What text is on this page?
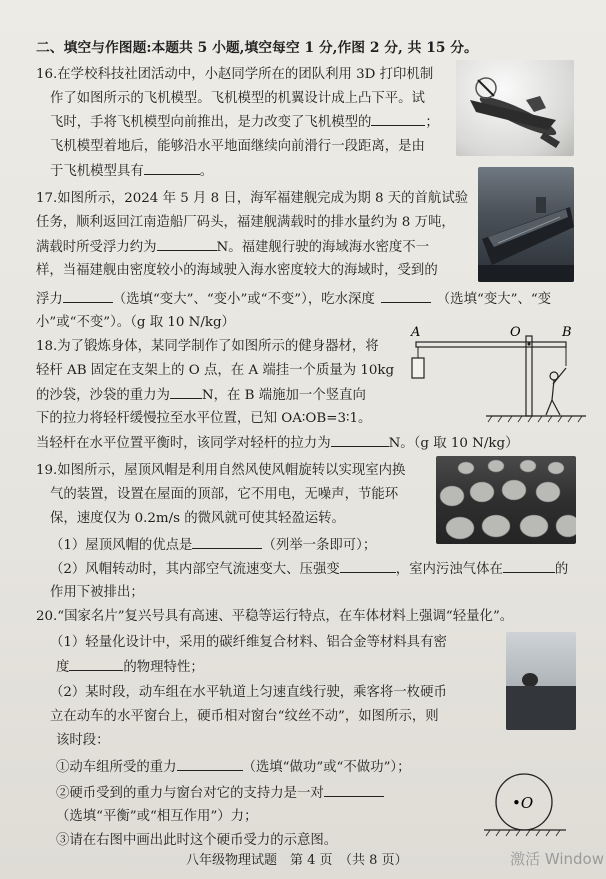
二、填空与作图题:本题共 5 小题,填空每空 1 分,作图 2 分, 共 15 分。
16.在学校科技社团活动中，小赵同学所在的团队利用 3D 打印机制
作了如图所示的飞机模型。飞机模型的机翼设计成上凸下平。试
飞时，手将飞机模型向前推出，是力改变了飞机模型的	；
飞机模型着地后，能够沿水平地面继续向前滑行一段距离，是由
于飞机模型具有	。
17.如图所示，2024 年 5 月 8 日，海军福建舰完成为期 8 天的首航试验
任务，顺利返回江南造船厂码头，福建舰满载时的排水量约为 8 万吨，
满载时所受浮力约为	N。福建舰行驶的海域海水密度不一
样，当福建舰由密度较小的海域驶入海水密度较大的海域时，受到的
浮力	（选填“变大”、“变小”或“不变”），吃水深度	（选填“变大”、“变
小”或“不变”）。（g 取 10 N/kg）
18.为了锻炼身体，某同学制作了如图所示的健身器材，将
轻杆 AB 固定在支架上的 O 点，在 A 端挂一个质量为 10kg
的沙袋，沙袋的重力为 N，在 B 端施加一个竖直向
下的拉力将轻杆缓慢拉至水平位置，已知 OA∶OB=3∶1。
当轻杆在水平位置平衡时，该同学对轻杆的拉力为	N。（g 取 10 N/kg）
A	O	B
19.如图所示，屋顶风帽是利用自然风使风帽旋转以实现室内换
气的装置，设置在屋面的顶部，它不用电，无噪声，节能环
保，速度仅为 0.2m/s 的微风就可使其轻盈运转。
（1）屋顶风帽的优点是	（列举一条即可）；
（2）风帽转动时，其内部空气流速变大、压强变	，室内污浊气体在	的
作用下被排出；
20.“国家名片”复兴号具有高速、平稳等运行特点，在车体材料上强调“轻量化”。
（1）轻量化设计中，采用的碳纤维复合材料、铝合金等材料具有密
度	的物理特性；
（2）某时段，动车组在水平轨道上匀速直线行驶，乘客将一枚硬币
立在动车的水平窗台上，硬币相对窗台“纹丝不动”，如图所示，则
该时段：
①动车组所受的重力	（选填“做功”或“不做功”）；
②硬币受到的重力与窗台对它的支持力是一对
（选填“平衡”或“相互作用”）力；
③请在右图中画出此时这个硬币受力的示意图。
•O
八年级物理试题　第 4 页　（共 8 页）	激活 Window
